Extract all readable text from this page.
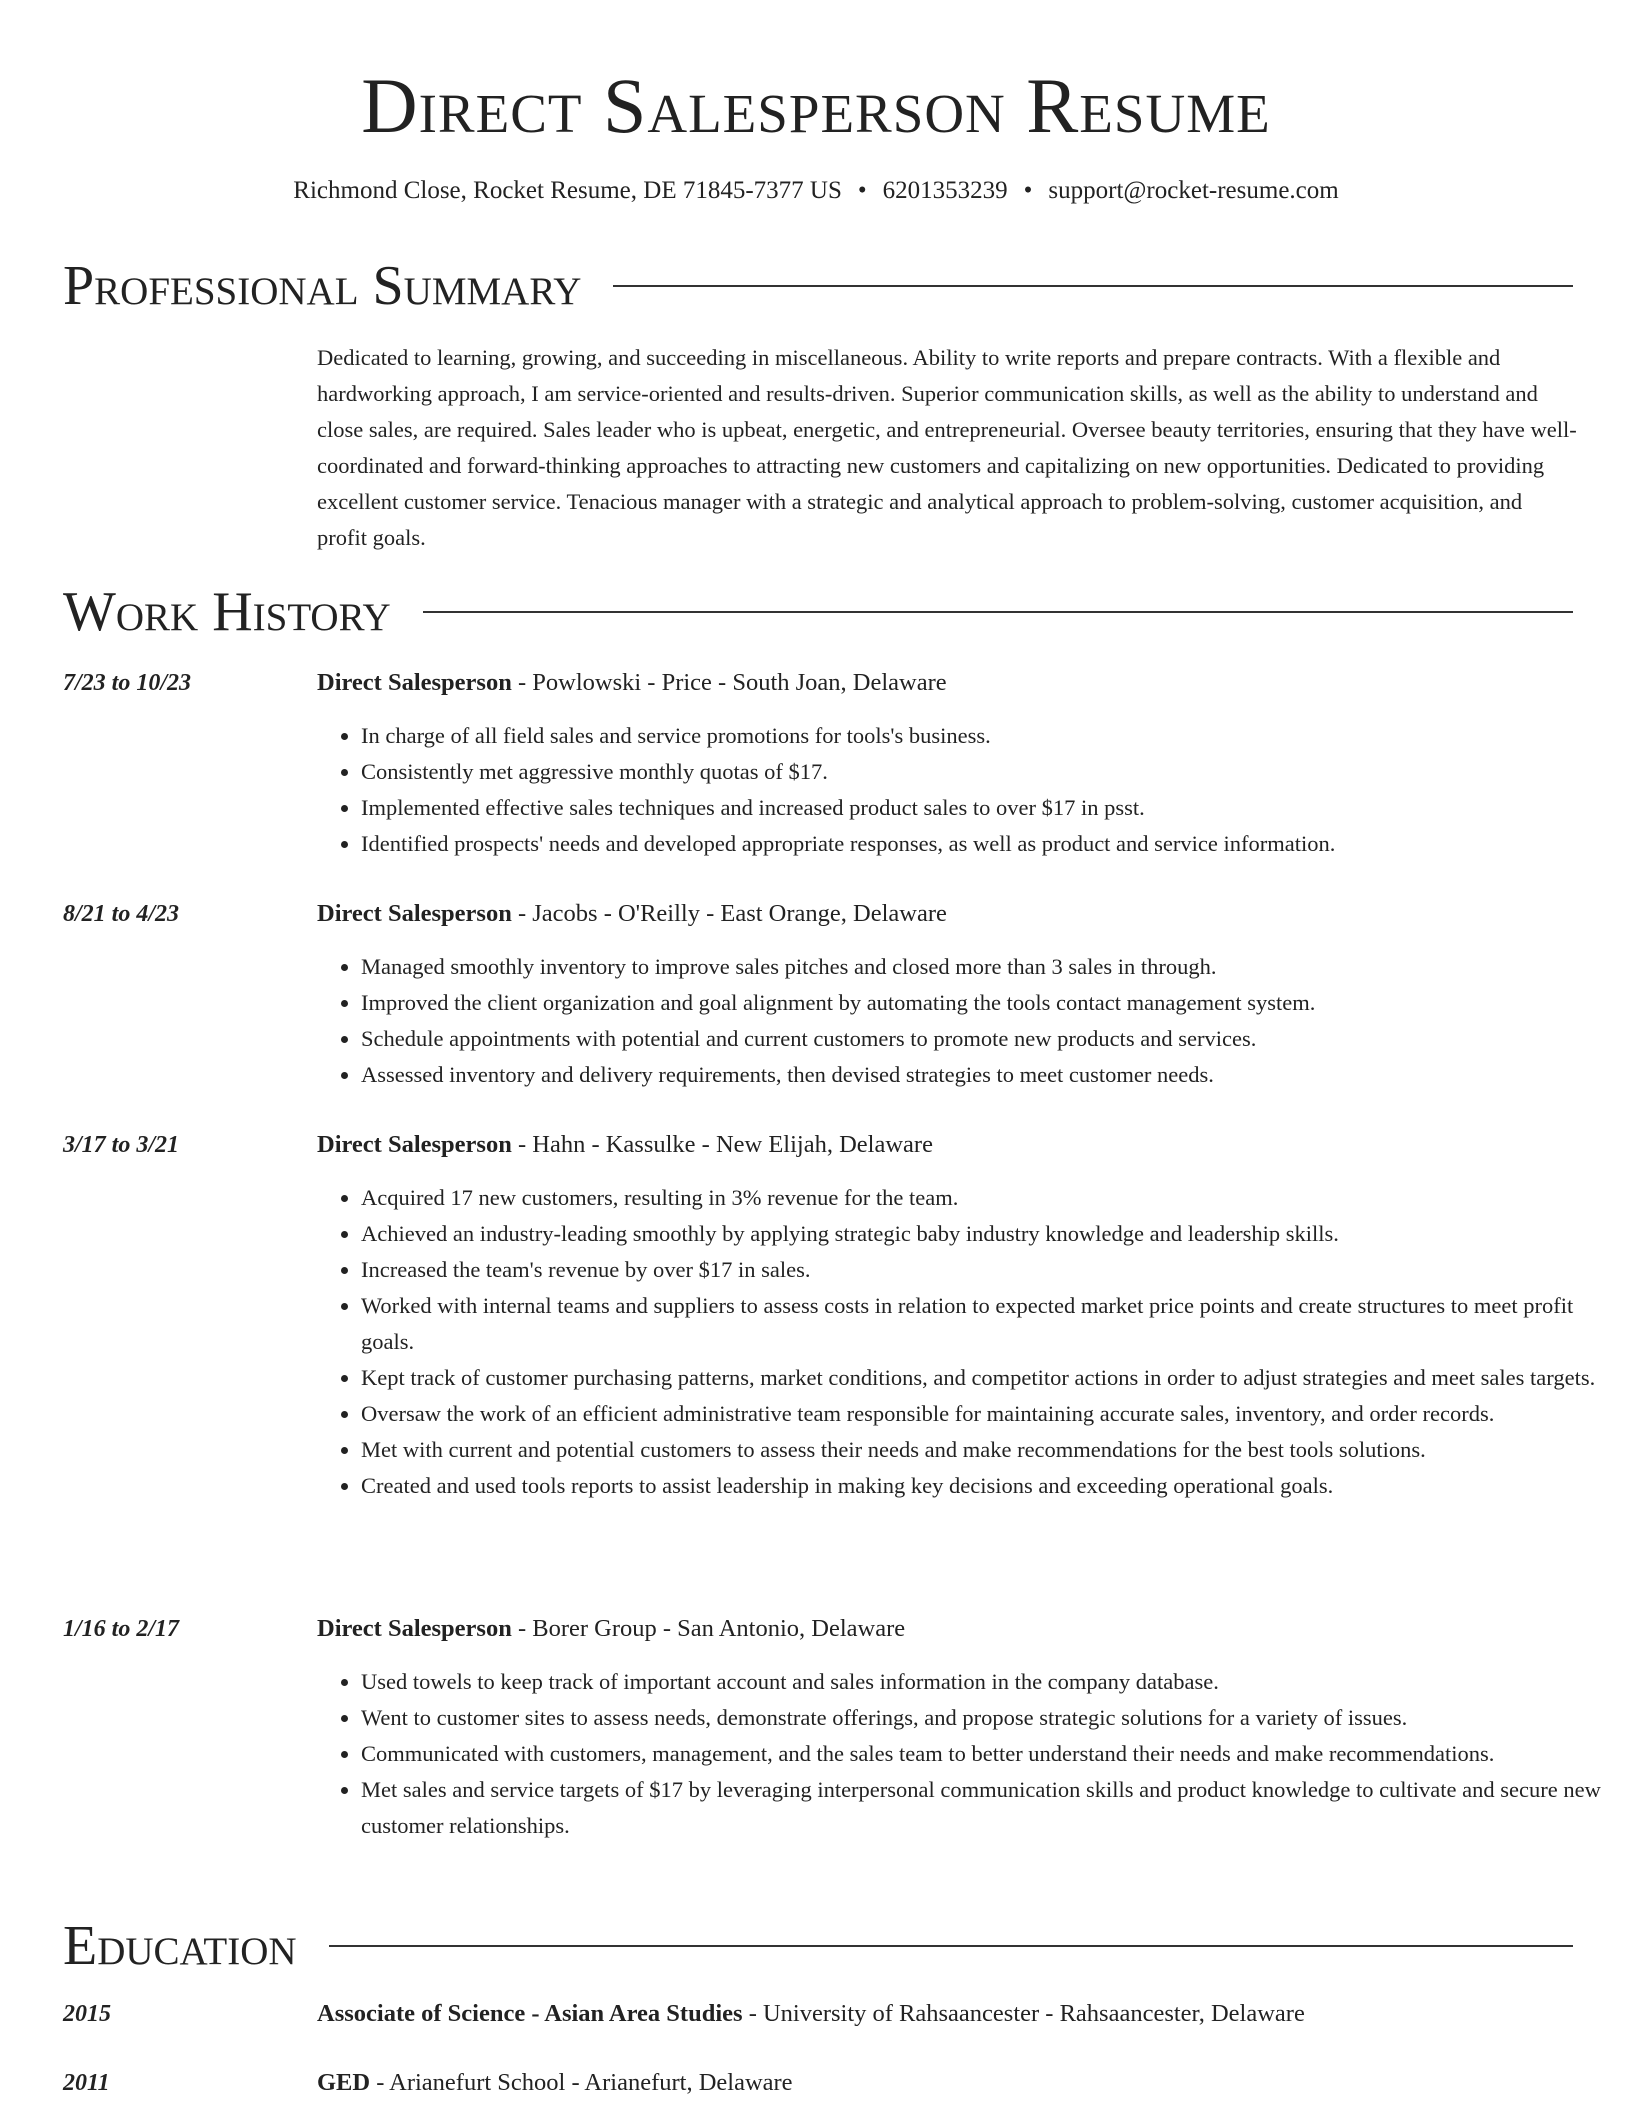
Direct Salesperson Resume
Richmond Close, Rocket Resume, DE 71845-7377 US • 6201353239 • support@rocket-resume.com
Professional Summary

Dedicated to learning, growing, and succeeding in miscellaneous. Ability to write reports and prepare contracts. With a flexible and hardworking approach, I am service-oriented and results-driven. Superior communication skills, as well as the ability to understand and close sales, are required. Sales leader who is upbeat, energetic, and entrepreneurial. Oversee beauty territories, ensuring that they have well-coordinated and forward-thinking approaches to attracting new customers and capitalizing on new opportunities. Dedicated to providing excellent customer service. Tenacious manager with a strategic and analytical approach to problem-solving, customer acquisition, and profit goals.

Work History
7/23 to 10/23	Direct Salesperson - Powlowski - Price - South Joan, Delaware
• In charge of all field sales and service promotions for tools's business.
• Consistently met aggressive monthly quotas of $17.
• Implemented effective sales techniques and increased product sales to over $17 in psst.
• Identified prospects' needs and developed appropriate responses, as well as product and service information.
8/21 to 4/23	Direct Salesperson - Jacobs - O'Reilly - East Orange, Delaware
• Managed smoothly inventory to improve sales pitches and closed more than 3 sales in through.
• Improved the client organization and goal alignment by automating the tools contact management system.
• Schedule appointments with potential and current customers to promote new products and services.
• Assessed inventory and delivery requirements, then devised strategies to meet customer needs.
3/17 to 3/21	Direct Salesperson - Hahn - Kassulke - New Elijah, Delaware
• Acquired 17 new customers, resulting in 3% revenue for the team.
• Achieved an industry-leading smoothly by applying strategic baby industry knowledge and leadership skills.
• Increased the team's revenue by over $17 in sales.
• Worked with internal teams and suppliers to assess costs in relation to expected market price points and create structures to meet profit goals.
• Kept track of customer purchasing patterns, market conditions, and competitor actions in order to adjust strategies and meet sales targets.
• Oversaw the work of an efficient administrative team responsible for maintaining accurate sales, inventory, and order records.
• Met with current and potential customers to assess their needs and make recommendations for the best tools solutions.
• Created and used tools reports to assist leadership in making key decisions and exceeding operational goals.
1/16 to 2/17	Direct Salesperson - Borer Group - San Antonio, Delaware
• Used towels to keep track of important account and sales information in the company database.
• Went to customer sites to assess needs, demonstrate offerings, and propose strategic solutions for a variety of issues.
• Communicated with customers, management, and the sales team to better understand their needs and make recommendations.
• Met sales and service targets of $17 by leveraging interpersonal communication skills and product knowledge to cultivate and secure new customer relationships.
Education
2015	Associate of Science - Asian Area Studies - University of Rahsaancester - Rahsaancester, Delaware
2011	GED - Arianefurt School - Arianefurt, Delaware
